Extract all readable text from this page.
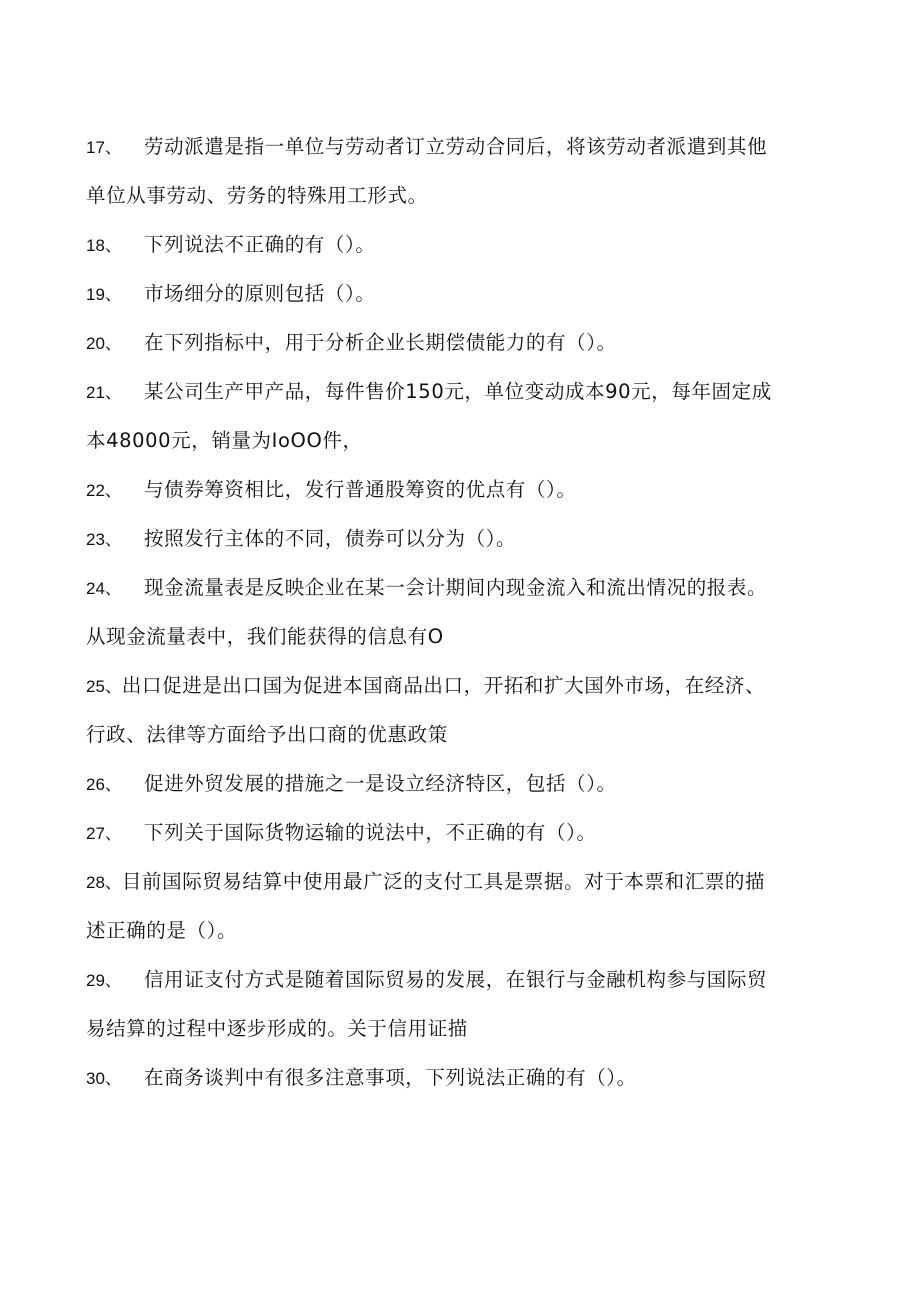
17、 劳动派遣是指一单位与劳动者订立劳动合同后，将该劳动者派遣到其他
单位从事劳动、劳务的特殊用工形式。
18、 下列说法不正确的有（）。
19、 市场细分的原则包括（）。
20、 在下列指标中，用于分析企业长期偿债能力的有（）。
21、 某公司生产甲产品，每件售价150元，单位变动成本90元，每年固定成
本48000元，销量为IoOO件，
22、 与债券筹资相比，发行普通股筹资的优点有（）。
23、 按照发行主体的不同，债券可以分为（）。
24、 现金流量表是反映企业在某一会计期间内现金流入和流出情况的报表。
从现金流量表中，我们能获得的信息有O
25、出口促进是出口国为促进本国商品出口，开拓和扩大国外市场，在经济、
行政、法律等方面给予出口商的优惠政策
26、 促进外贸发展的措施之一是设立经济特区，包括（）。
27、 下列关于国际货物运输的说法中，不正确的有（）。
28、目前国际贸易结算中使用最广泛的支付工具是票据。对于本票和汇票的描
述正确的是（）。
29、 信用证支付方式是随着国际贸易的发展，在银行与金融机构参与国际贸
易结算的过程中逐步形成的。关于信用证描
30、 在商务谈判中有很多注意事项，下列说法正确的有（）。
